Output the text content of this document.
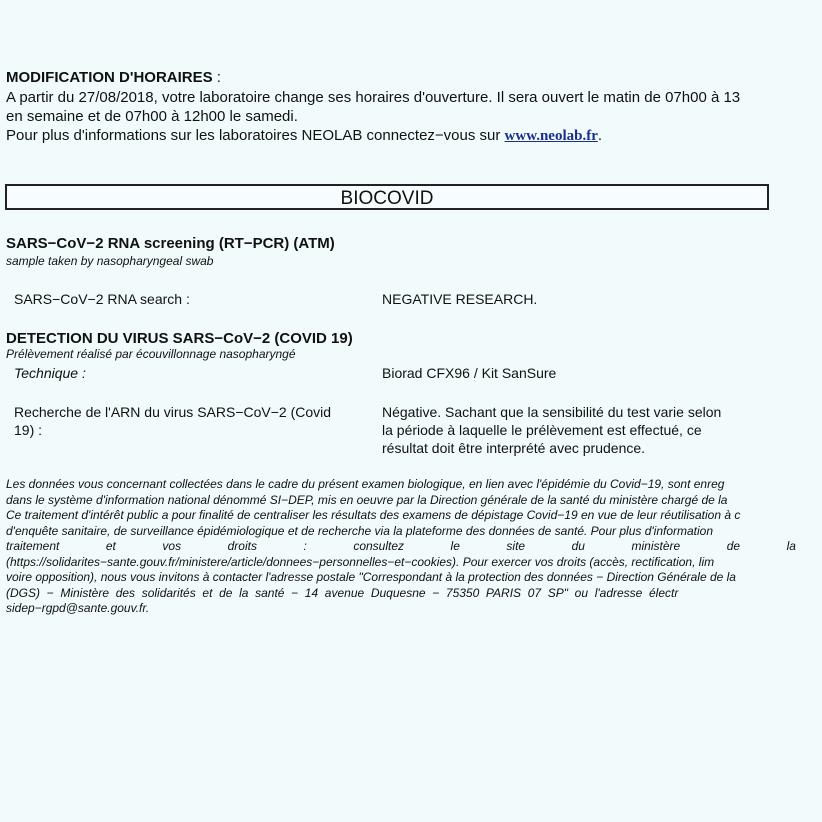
MODIFICATION D'HORAIRES :
A partir du 27/08/2018, votre laboratoire change ses horaires d'ouverture. Il sera ouvert le matin de 07h00 à 13
en semaine et de 07h00 à 12h00 le samedi.
Pour plus d'informations sur les laboratoires NEOLAB connectez−vous sur www.neolab.fr.
BIOCOVID
SARS−CoV−2 RNA screening (RT−PCR) (ATM)
sample taken by nasopharyngeal swab
SARS−CoV−2 RNA search :	NEGATIVE RESEARCH.
DETECTION DU VIRUS SARS−CoV−2 (COVID 19)
Prélèvement réalisé par écouvillonnage nasopharyngé
Technique :	Biorad CFX96 / Kit SanSure
Recherche de l'ARN du virus SARS−CoV−2 (Covid
19) :
Négative. Sachant que la sensibilité du test varie selon
la période à laquelle le prélèvement est effectué, ce
résultat doit être interprété avec prudence.
Les données vous concernant collectées dans le cadre du présent examen biologique, en lien avec l'épidémie du Covid−19, sont enreg
dans le système d'information national dénommé SI−DEP, mis en oeuvre par la Direction générale de la santé du ministère chargé de la
Ce traitement d'intérêt public a pour finalité de centraliser les résultats des examens de dépistage Covid−19 en vue de leur réutilisation à c
d'enquête sanitaire, de surveillance épidémiologique et de recherche via la plateforme des données de santé. Pour plus d'information
traitement	et	vos	droits	:	consultez	le	site	du	ministère	de	la
(https://solidarites−sante.gouv.fr/ministere/article/donnees−personnelles−et−cookies). Pour exercer vos droits (accès, rectification, lim
voire opposition), nous vous invitons à contacter l'adresse postale "Correspondant à la protection des données − Direction Générale de la
(DGS)  −  Ministère  des  solidarités  et  de  la  santé  −  14  avenue  Duquesne  −  75350  PARIS  07  SP"  ou  l'adresse  électr
sidep−rgpd@sante.gouv.fr.
